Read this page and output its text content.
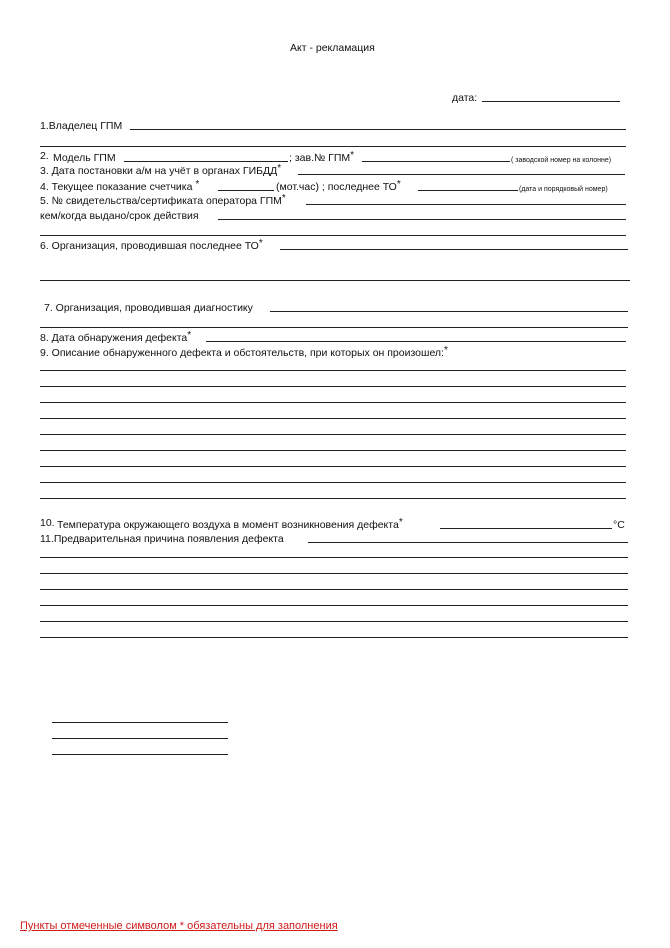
Акт - рекламация
дата:
1.Владелец ГПМ
2. Модель ГПМ	; зав.№ ГПМ*	( заводской номер на колонне)
3. Дата постановки а/м на учёт в органах ГИБДД*
4. Текущее показание счетчика *	(мот.час) ; последнее ТО*	(дата и порядковый номер)
5. № свидетельства/сертификата оператора ГПМ*
кем/когда выдано/срок действия
6. Организация, проводившая последнее ТО*
7. Организация, проводившая диагностику
8. Дата обнаружения дефекта*
9. Описание обнаруженного дефекта и обстоятельств, при которых он произошел:*
10. Температура окружающего воздуха в момент возникновения дефекта*	°C
11.Предварительная причина появления дефекта
Пункты отмеченные символом * обязательны для заполнения
